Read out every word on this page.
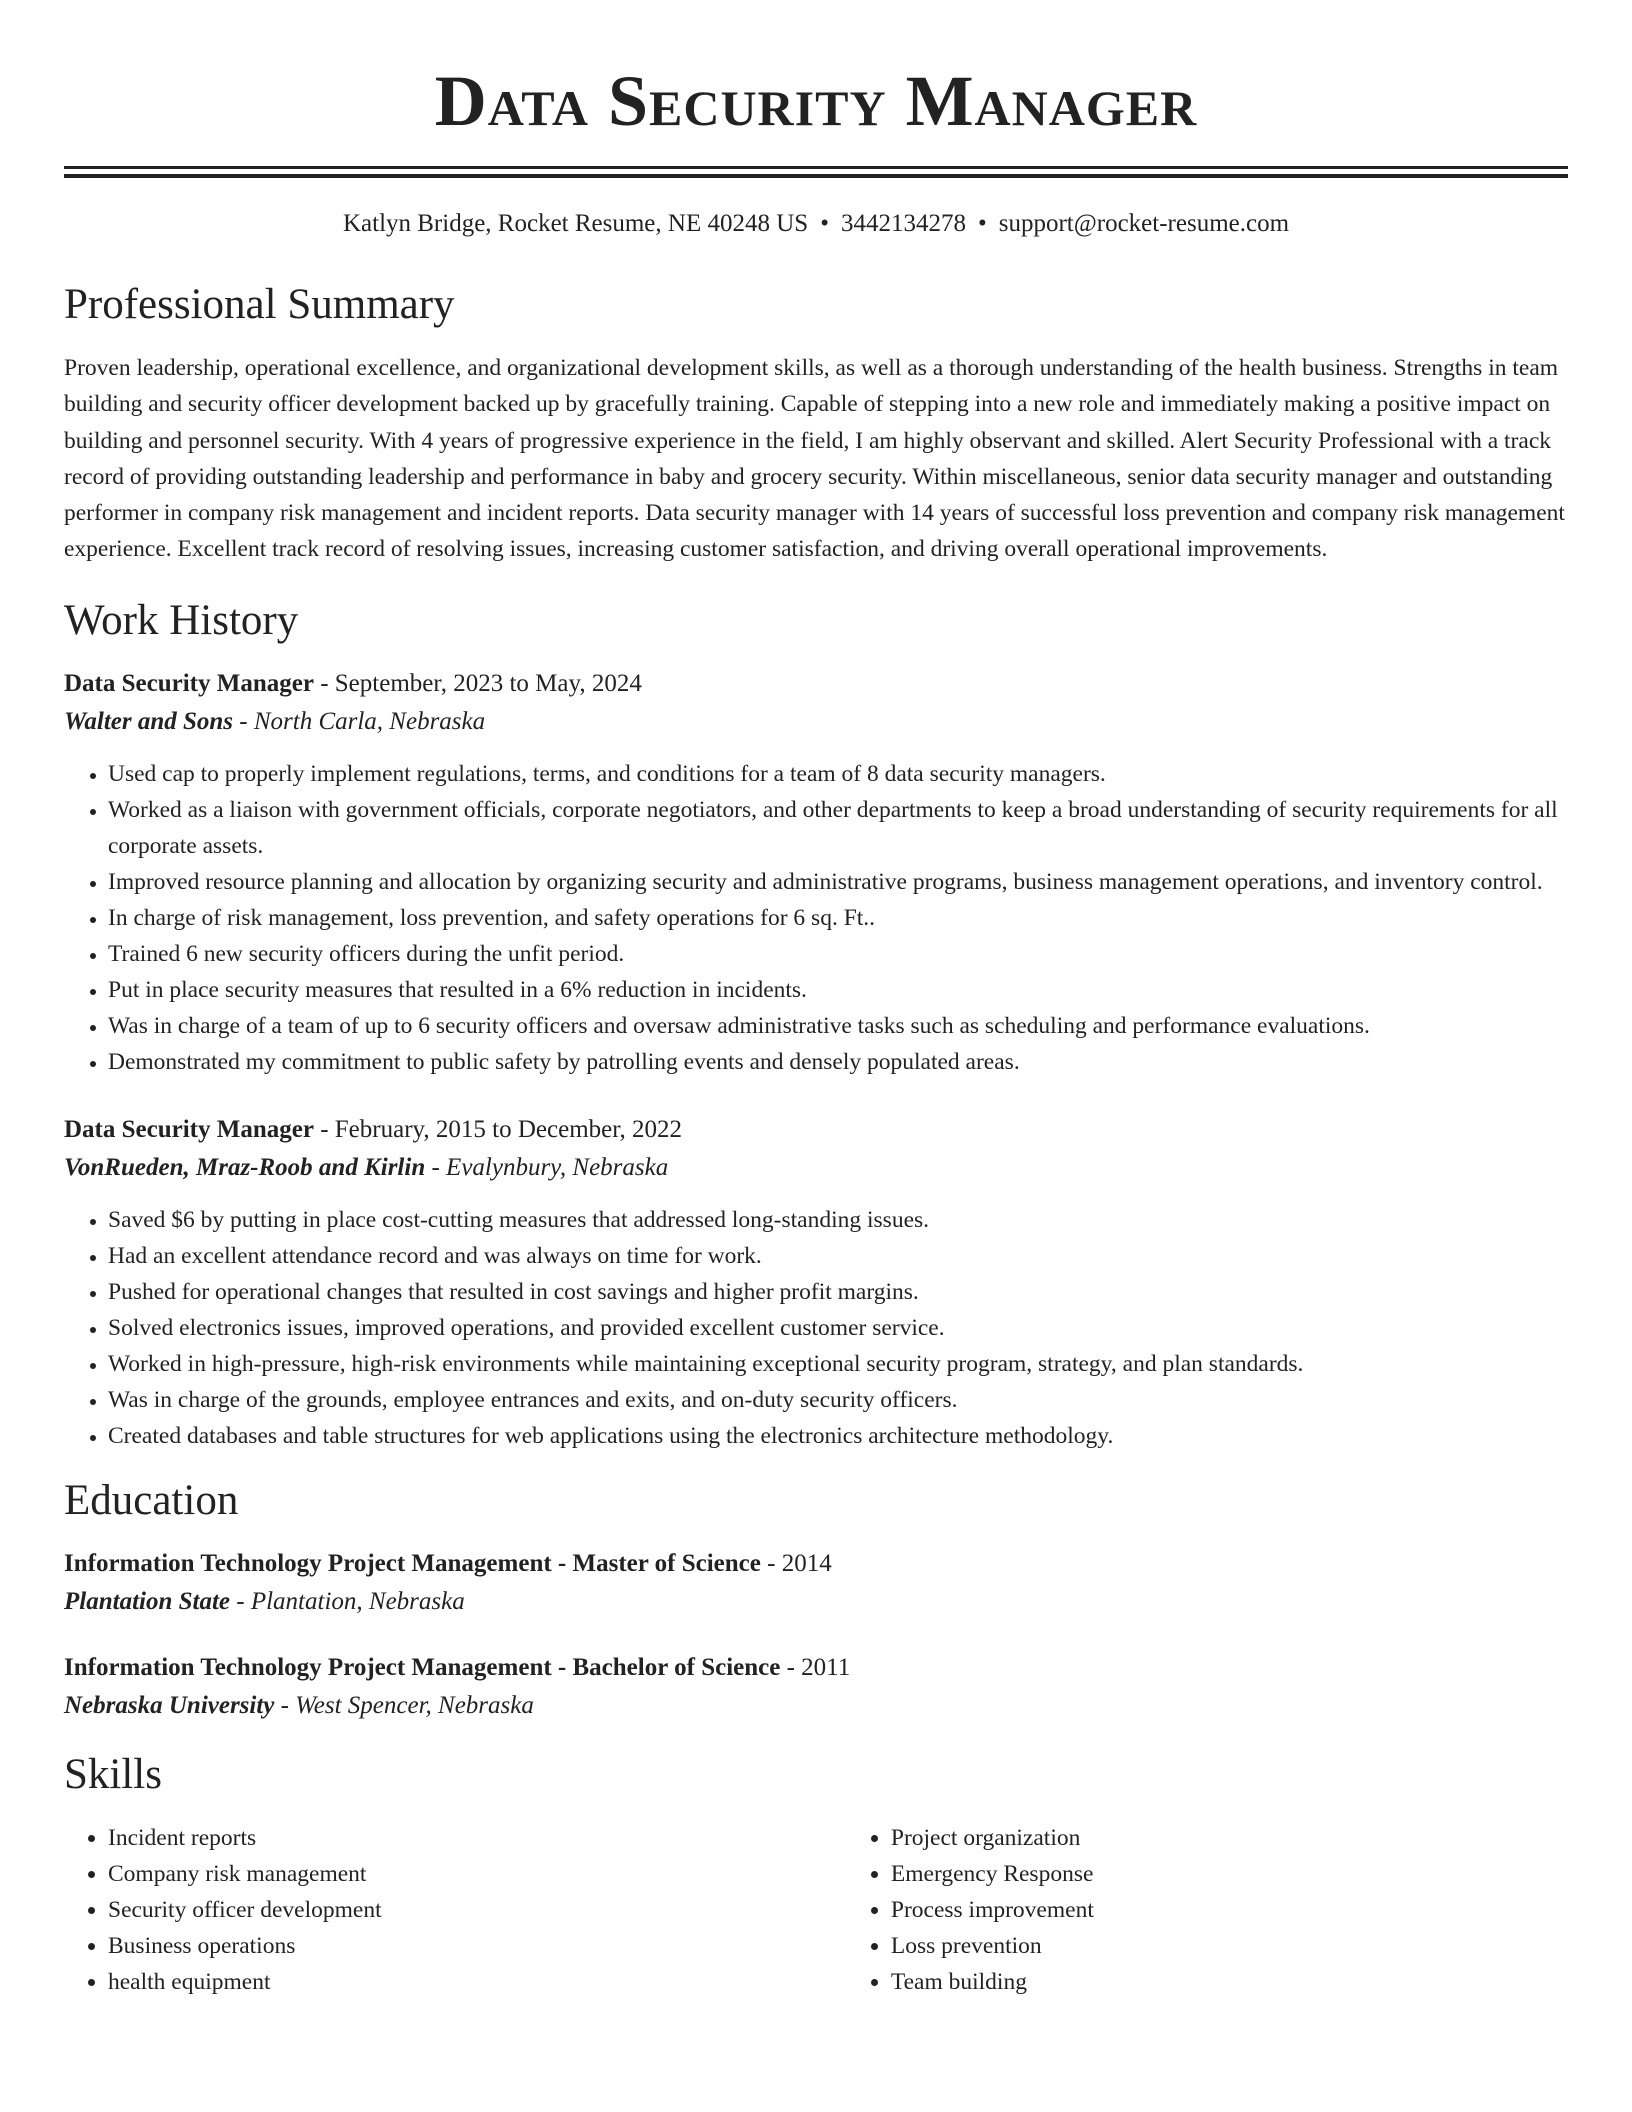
Data Security Manager
Katlyn Bridge, Rocket Resume, NE 40248 US • 3442134278 • support@rocket-resume.com
Professional Summary

Proven leadership, operational excellence, and organizational development skills, as well as a thorough understanding of the health business. Strengths in team building and security officer development backed up by gracefully training. Capable of stepping into a new role and immediately making a positive impact on building and personnel security. With 4 years of progressive experience in the field, I am highly observant and skilled. Alert Security Professional with a track record of providing outstanding leadership and performance in baby and grocery security. Within miscellaneous, senior data security manager and outstanding performer in company risk management and incident reports. Data security manager with 14 years of successful loss prevention and company risk management experience. Excellent track record of resolving issues, increasing customer satisfaction, and driving overall operational improvements.

Work History
Data Security Manager - September, 2023 to May, 2024
Walter and Sons - North Carla, Nebraska
• Used cap to properly implement regulations, terms, and conditions for a team of 8 data security managers.
• Worked as a liaison with government officials, corporate negotiators, and other departments to keep a broad understanding of security requirements for all corporate assets.
• Improved resource planning and allocation by organizing security and administrative programs, business management operations, and inventory control.
• In charge of risk management, loss prevention, and safety operations for 6 sq. Ft..
• Trained 6 new security officers during the unfit period.
• Put in place security measures that resulted in a 6% reduction in incidents.
• Was in charge of a team of up to 6 security officers and oversaw administrative tasks such as scheduling and performance evaluations.
• Demonstrated my commitment to public safety by patrolling events and densely populated areas.
Data Security Manager - February, 2015 to December, 2022
VonRueden, Mraz-Roob and Kirlin - Evalynbury, Nebraska
• Saved $6 by putting in place cost-cutting measures that addressed long-standing issues.
• Had an excellent attendance record and was always on time for work.
• Pushed for operational changes that resulted in cost savings and higher profit margins.
• Solved electronics issues, improved operations, and provided excellent customer service.
• Worked in high-pressure, high-risk environments while maintaining exceptional security program, strategy, and plan standards.
• Was in charge of the grounds, employee entrances and exits, and on-duty security officers.
• Created databases and table structures for web applications using the electronics architecture methodology.
Education
Information Technology Project Management - Master of Science - 2014
Plantation State - Plantation, Nebraska
Information Technology Project Management - Bachelor of Science - 2011
Nebraska University - West Spencer, Nebraska
Skills
• Incident reports
• Company risk management
• Security officer development
• Business operations
• health equipment
• Project organization
• Emergency Response
• Process improvement
• Loss prevention
• Team building
